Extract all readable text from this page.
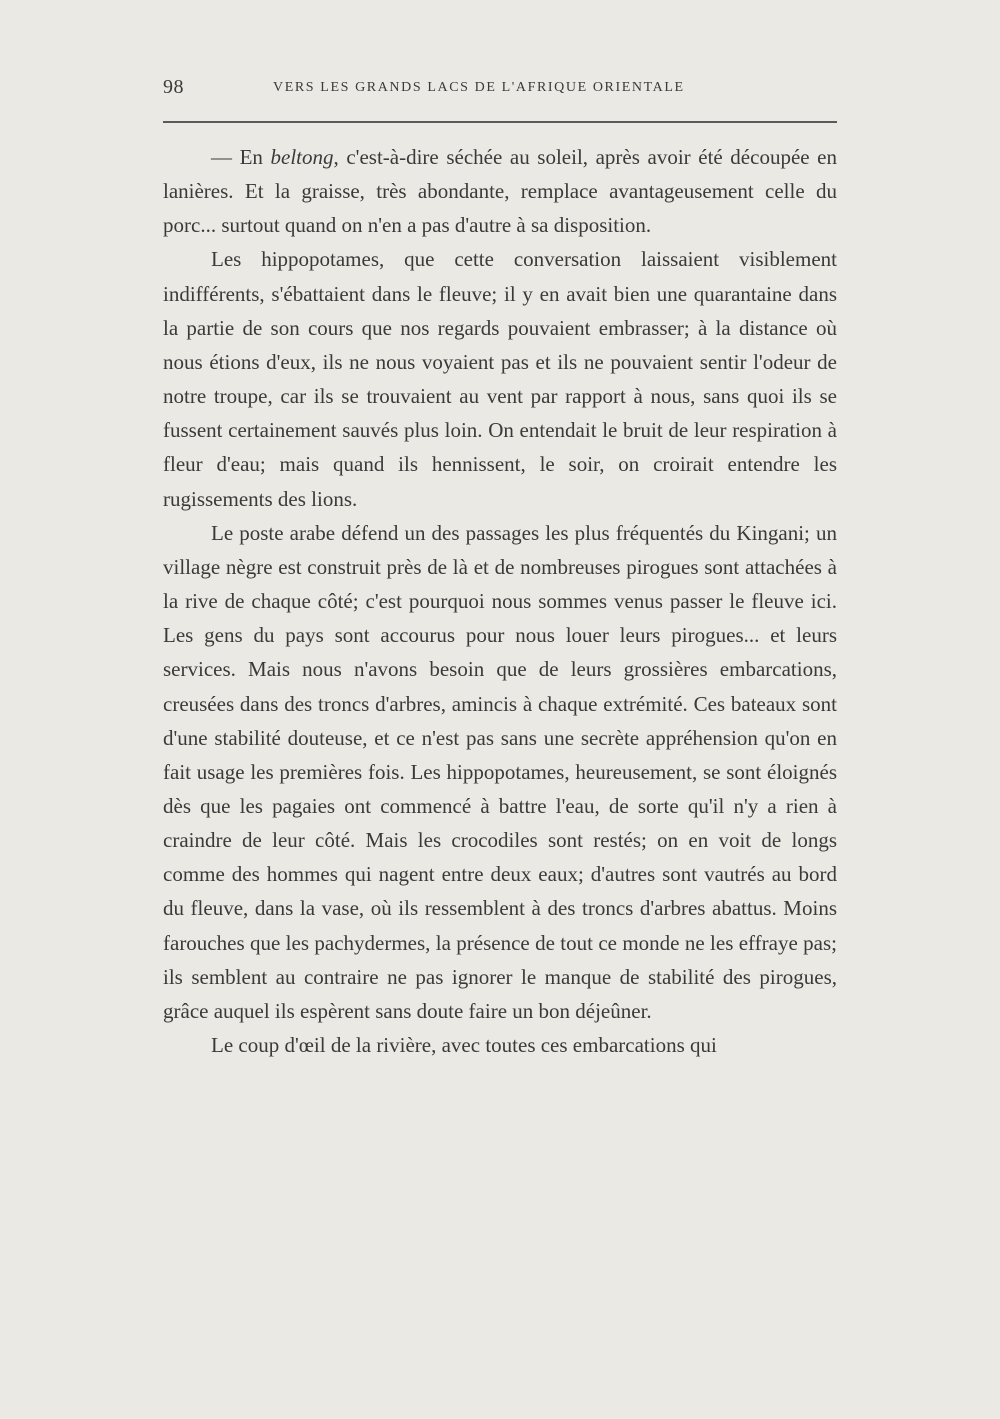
98	VERS LES GRANDS LACS DE L'AFRIQUE ORIENTALE

— En beltong, c'est-à-dire séchée au soleil, après avoir été découpée en lanières. Et la graisse, très abondante, remplace avantageusement celle du porc... surtout quand on n'en a pas d'autre à sa disposition.

Les hippopotames, que cette conversation laissaient visiblement indifférents, s'ébattaient dans le fleuve; il y en avait bien une quarantaine dans la partie de son cours que nos regards pouvaient embrasser; à la distance où nous étions d'eux, ils ne nous voyaient pas et ils ne pouvaient sentir l'odeur de notre troupe, car ils se trouvaient au vent par rapport à nous, sans quoi ils se fussent certainement sauvés plus loin. On entendait le bruit de leur respiration à fleur d'eau; mais quand ils hennissent, le soir, on croirait entendre les rugissements des lions.

Le poste arabe défend un des passages les plus fréquentés du Kingani; un village nègre est construit près de là et de nombreuses pirogues sont attachées à la rive de chaque côté; c'est pourquoi nous sommes venus passer le fleuve ici. Les gens du pays sont accourus pour nous louer leurs pirogues... et leurs services. Mais nous n'avons besoin que de leurs grossières embarcations, creusées dans des troncs d'arbres, amincis à chaque extrémité. Ces bateaux sont d'une stabilité douteuse, et ce n'est pas sans une secrète appréhension qu'on en fait usage les premières fois. Les hippopotames, heureusement, se sont éloignés dès que les pagaies ont commencé à battre l'eau, de sorte qu'il n'y a rien à craindre de leur côté. Mais les crocodiles sont restés; on en voit de longs comme des hommes qui nagent entre deux eaux; d'autres sont vautrés au bord du fleuve, dans la vase, où ils ressemblent à des troncs d'arbres abattus. Moins farouches que les pachydermes, la présence de tout ce monde ne les effraye pas; ils semblent au contraire ne pas ignorer le manque de stabilité des pirogues, grâce auquel ils espèrent sans doute faire un bon déjeûner.

Le coup d'œil de la rivière, avec toutes ces embarcations qui
